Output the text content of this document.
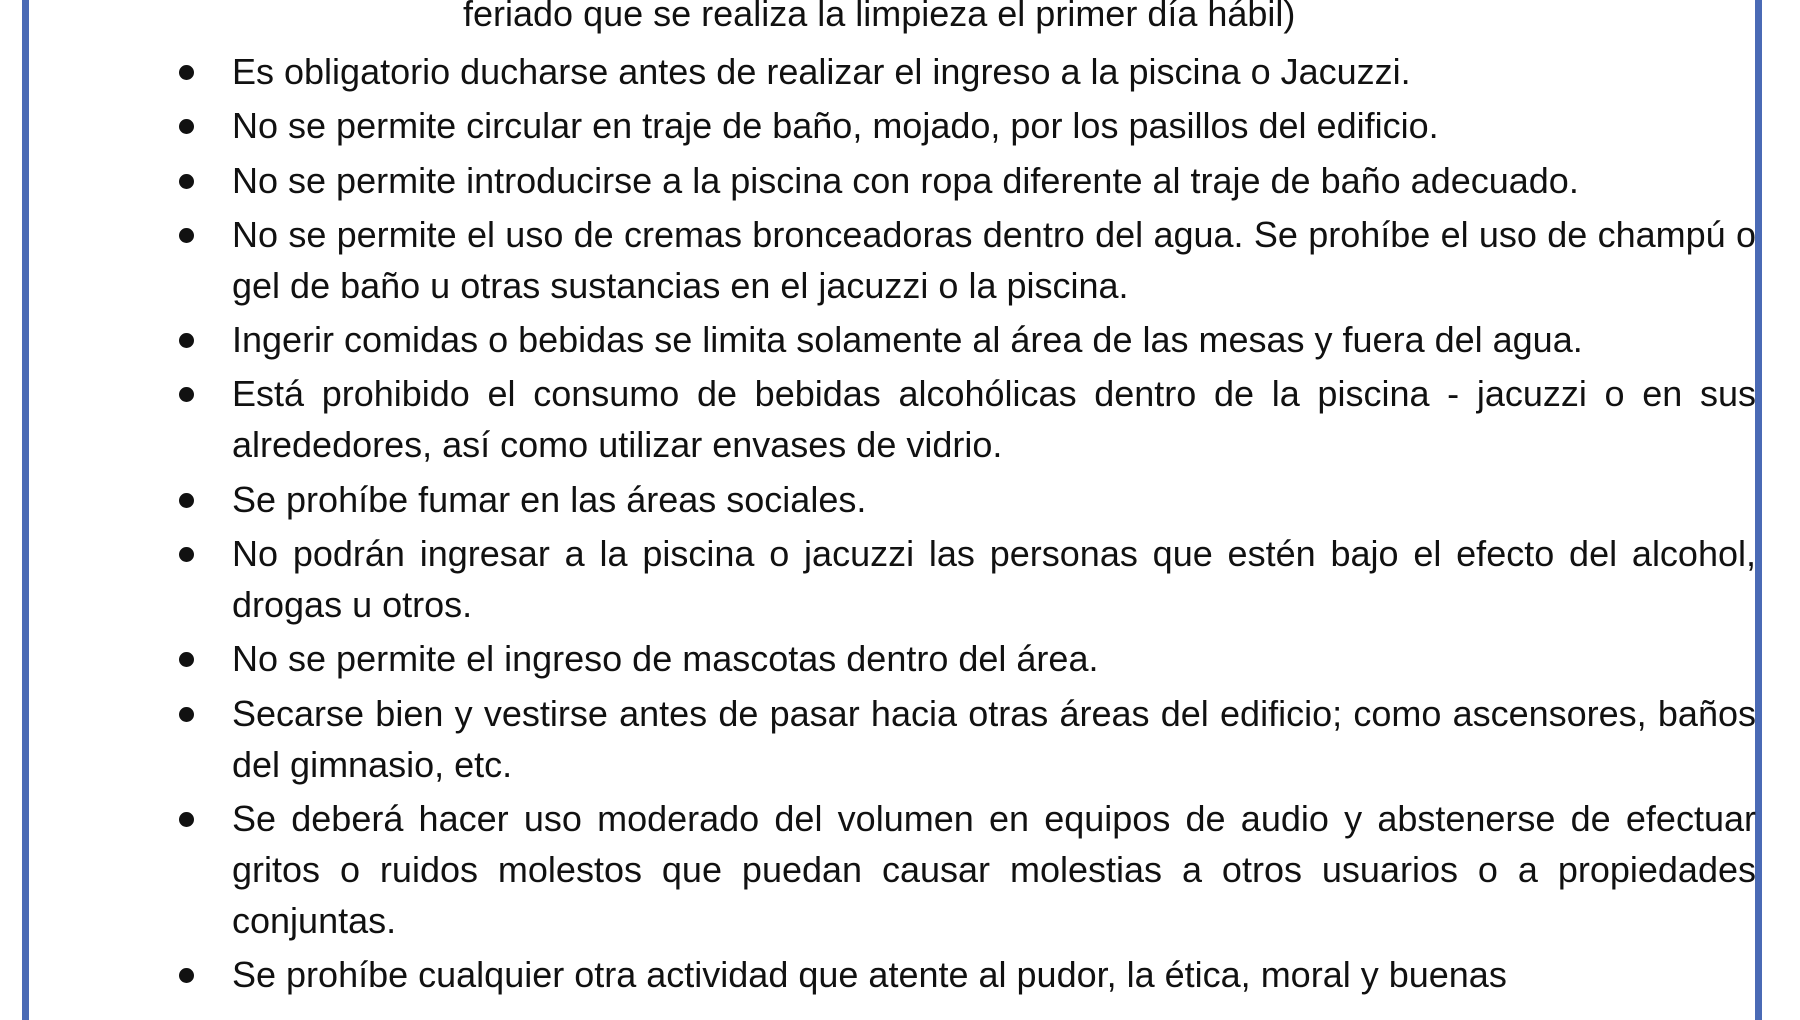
feriado que se realiza la limpieza el primer día hábil)
Es obligatorio ducharse antes de realizar el ingreso a la piscina o Jacuzzi.
No se permite circular en traje de baño, mojado, por los pasillos del edificio.
No se permite introducirse a la piscina con ropa diferente al traje de baño adecuado.
No se permite el uso de cremas bronceadoras dentro del agua. Se prohíbe el uso de champú o gel de baño u otras sustancias en el jacuzzi o la piscina.
Ingerir comidas o bebidas se limita solamente al área de las mesas y fuera del agua.
Está prohibido el consumo de bebidas alcohólicas dentro de la piscina - jacuzzi o en sus alrededores, así como utilizar envases de vidrio.
Se prohíbe fumar en las áreas sociales.
No podrán ingresar a la piscina o jacuzzi las personas que estén bajo el efecto del alcohol, drogas u otros.
No se permite el ingreso de mascotas dentro del área.
Secarse bien y vestirse antes de pasar hacia otras áreas del edificio; como ascensores, baños del gimnasio, etc.
Se deberá hacer uso moderado del volumen en equipos de audio y abstenerse de efectuar gritos o ruidos molestos que puedan causar molestias a otros usuarios o a propiedades conjuntas.
Se prohíbe cualquier otra actividad que atente al pudor, la ética, moral y buenas
